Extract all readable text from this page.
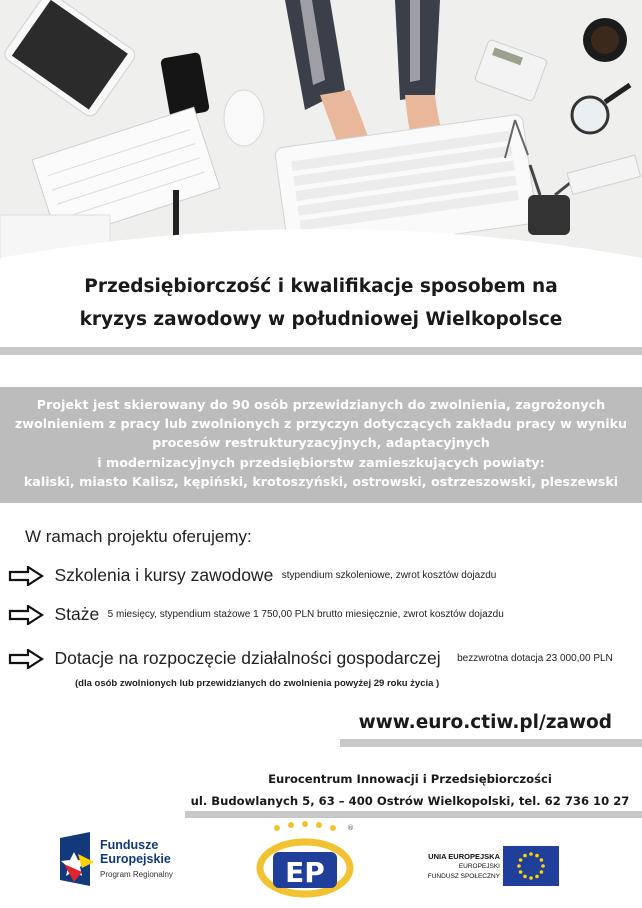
Przedsiębiorczość i kwalifikacje sposobem na
kryzys zawodowy w południowej Wielkopolsce
Projekt jest skierowany do 90 osób przewidzianych do zwolnienia, zagrożonych
zwolnieniem z pracy lub zwolnionych z przyczyn dotyczących zakładu pracy w wyniku
procesów restrukturyzacyjnych, adaptacyjnych
i modernizacyjnych przedsiębiorstw zamieszkujących powiaty:
kaliski, miasto Kalisz, kępiński, krotoszyński, ostrowski, ostrzeszowski, pleszewski
W ramach projektu oferujemy:
Szkolenia i kursy zawodowe stypendium szkoleniowe, zwrot kosztów dojazdu
Staże 5 miesięcy, stypendium stażowe 1 750,00 PLN brutto miesięcznie, zwrot kosztów dojazdu
Dotacje na rozpoczęcie działalności gospodarczej bezzwrotna dotacja 23 000,00 PLN
(dla osób zwolnionych lub przewidzianych do zwolnienia powyżej 29 roku życia )
www.euro.ctiw.pl/zawod
Eurocentrum Innowacji i Przedsiębiorczości
ul. Budowlanych 5, 63 – 400 Ostrów Wielkopolski, tel. 62 736 10 27
Fundusze
Europejskie
Program Regionalny	EP
®
UNIA EUROPEJSKA
EUROPEJSKI
FUNDUSZ SPOŁECZNY
